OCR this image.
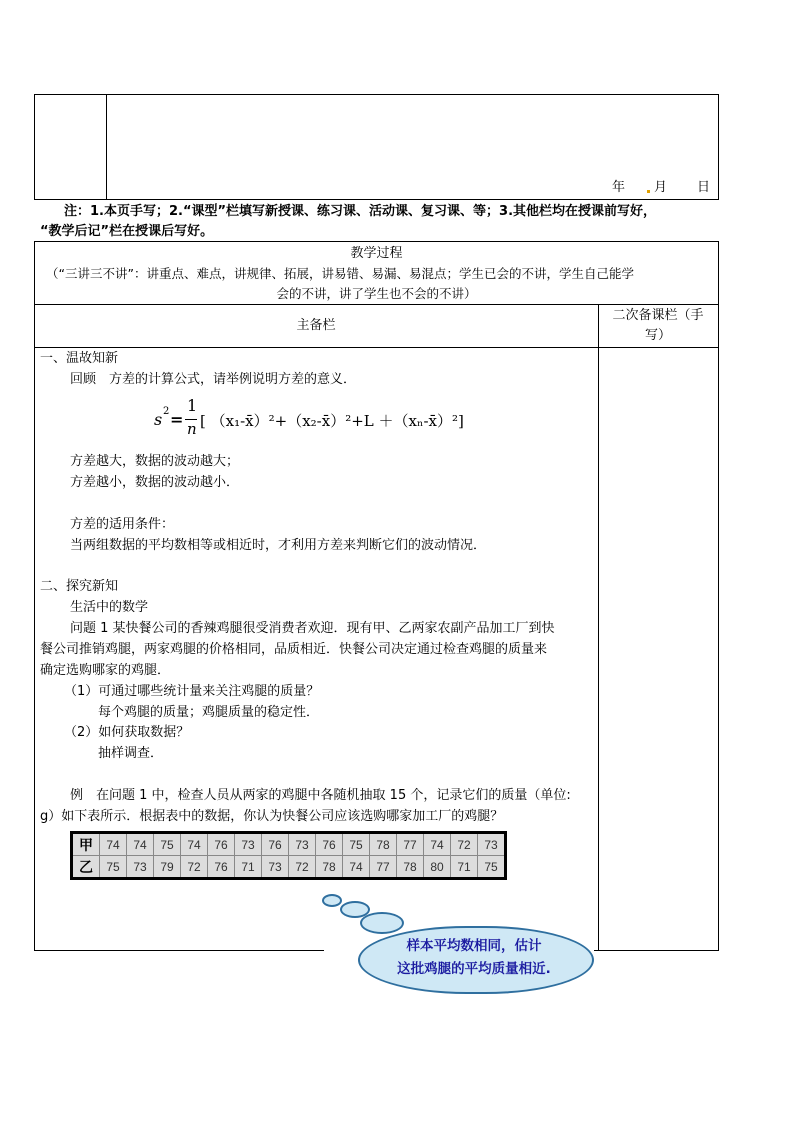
年 月 日
注：1.本页手写；2.“课型”栏填写新授课、练习课、活动课、复习课、等；3.其他栏均在授课前写好，
“教学后记”栏在授课后写好。
教学过程
（“三讲三不讲”：讲重点、难点，讲规律、拓展，讲易错、易漏、易混点；学生已会的不讲，学生自己能学
会的不讲，讲了学生也不会的不讲）
主备栏
二次备课栏（手
写）
一、温故知新
回顾　方差的计算公式，请举例说明方差的意义．
s 2 =
1
n [ （x₁-x̄）²+（x₂-x̄）²+L ＋（xₙ-x̄）²]
方差越大，数据的波动越大；
方差越小，数据的波动越小．
方差的适用条件：
当两组数据的平均数相等或相近时，才利用方差来判断它们的波动情况．
二、探究新知
生活中的数学
问题 1 某快餐公司的香辣鸡腿很受消费者欢迎．现有甲、乙两家农副产品加工厂到快
餐公司推销鸡腿，两家鸡腿的价格相同，品质相近．快餐公司决定通过检查鸡腿的质量来
确定选购哪家的鸡腿．
（1）可通过哪些统计量来关注鸡腿的质量？
每个鸡腿的质量；鸡腿质量的稳定性．
（2）如何获取数据？
抽样调查．
例　在问题 1 中，检查人员从两家的鸡腿中各随机抽取 15 个，记录它们的质量（单位:
g）如下表所示．根据表中的数据，你认为快餐公司应该选购哪家加工厂的鸡腿？
甲	74	74	75	74	76	73	76	73	76	75	78	77	74	72	73
乙	75	73	79	72	76	71	73	72	78	74	77	78	80	71	75
样本平均数相同，估计
这批鸡腿的平均质量相近.
